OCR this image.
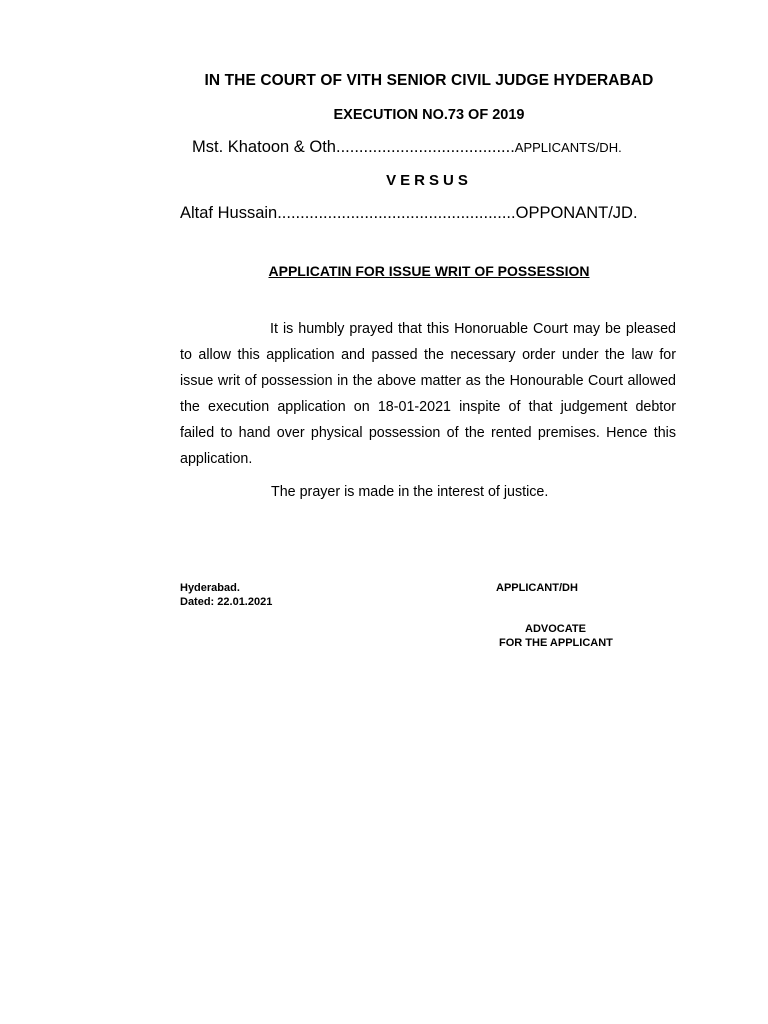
IN THE COURT OF VITH SENIOR CIVIL JUDGE HYDERABAD
EXECUTION NO.73 OF 2019
Mst. Khatoon & Oth.......................................APPLICANTS/DH.
VERSUS
Altaf Hussain....................................................OPPONANT/JD.
APPLICATIN FOR ISSUE WRIT OF POSSESSION
It is humbly prayed that this Honoruable Court may be pleased to allow this application and passed the necessary order under the law for issue writ of possession in the above matter as the Honourable Court allowed the execution application on 18-01-2021 inspite of that judgement debtor failed to hand over physical possession of the rented premises. Hence this application.
The prayer is made in the interest of justice.
Hyderabad.
Dated: 22.01.2021
APPLICANT/DH
ADVOCATE
FOR THE APPLICANT
